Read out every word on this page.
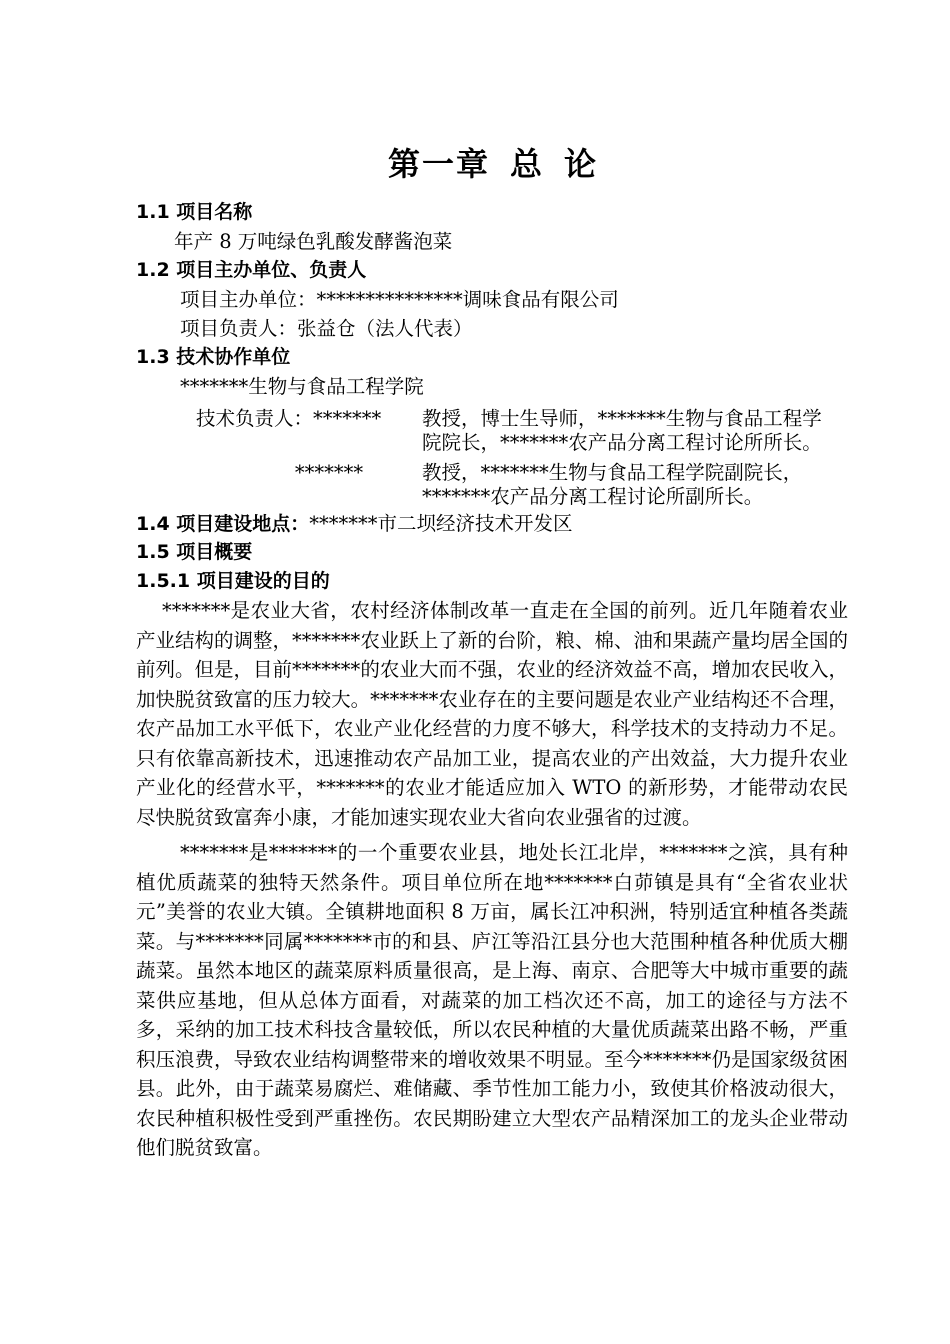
第一章 总 论
1.1 项目名称
年产 8 万吨绿色乳酸发酵酱泡菜
1.2 项目主办单位、负责人
项目主办单位：***************调味食品有限公司
项目负责人：张益仓（法人代表）
1.3 技术协作单位
*******生物与食品工程学院
技术负责人：*******	教授，博士生导师，*******生物与食品工程学院院长，*******农产品分离工程讨论所所长。
*******	教授，*******生物与食品工程学院副院长，*******农产品分离工程讨论所副所长。
1.4 项目建设地点：*******市二坝经济技术开发区
1.5 项目概要
1.5.1 项目建设的目的

*******是农业大省，农村经济体制改革一直走在全国的前列。近几年随着农业产业结构的调整，*******农业跃上了新的台阶，粮、棉、油和果蔬产量均居全国的前列。但是，目前*******的农业大而不强，农业的经济效益不高，增加农民收入，加快脱贫致富的压力较大。*******农业存在的主要问题是农业产业结构还不合理，农产品加工水平低下，农业产业化经营的力度不够大，科学技术的支持动力不足。只有依靠高新技术，迅速推动农产品加工业，提高农业的产出效益，大力提升农业产业化的经营水平，*******的农业才能适应加入 WTO 的新形势，才能带动农民尽快脱贫致富奔小康，才能加速实现农业大省向农业强省的过渡。

*******是*******的一个重要农业县，地处长江北岸，*******之滨，具有种植优质蔬菜的独特天然条件。项目单位所在地*******白茆镇是具有“全省农业状元”美誉的农业大镇。全镇耕地面积 8 万亩，属长江冲积洲，特别适宜种植各类蔬菜。与*******同属*******市的和县、庐江等沿江县分也大范围种植各种优质大棚蔬菜。虽然本地区的蔬菜原料质量很高，是上海、南京、合肥等大中城市重要的蔬菜供应基地，但从总体方面看，对蔬菜的加工档次还不高，加工的途径与方法不多，采纳的加工技术科技含量较低，所以农民种植的大量优质蔬菜出路不畅，严重积压浪费，导致农业结构调整带来的增收效果不明显。至今*******仍是国家级贫困县。此外，由于蔬菜易腐烂、难储藏、季节性加工能力小，致使其价格波动很大，农民种植积极性受到严重挫伤。农民期盼建立大型农产品精深加工的龙头企业带动他们脱贫致富。
